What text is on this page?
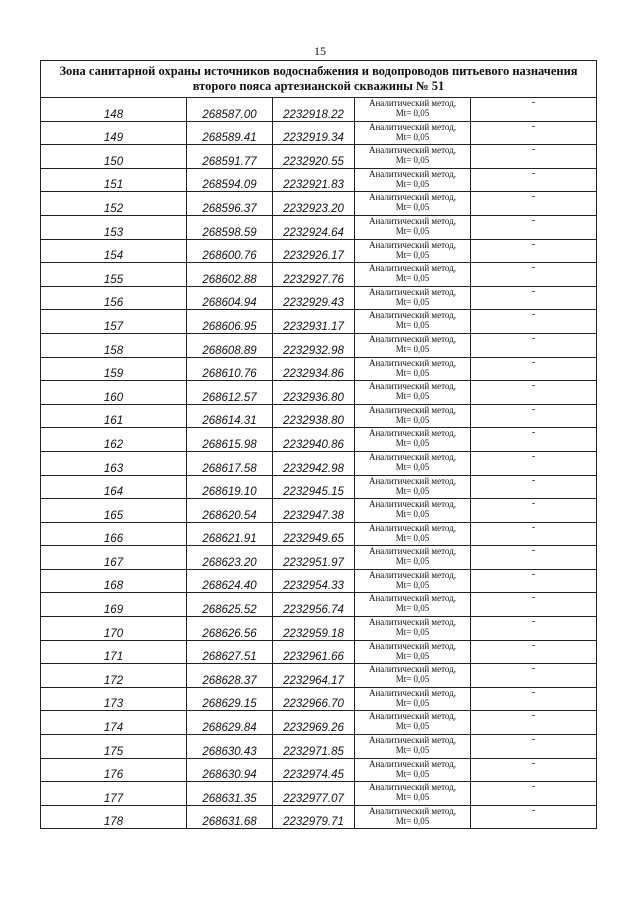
15
Зона санитарной охраны источников водоснабжения и водопроводов питьевого назначения второго пояса артезианской скважины № 51				
148	268587.00	2232918.22	Аналитический метод,
Mt= 0,05	-
149	268589.41	2232919.34	Аналитический метод,
Mt= 0,05	-
150	268591.77	2232920.55	Аналитический метод,
Mt= 0,05	-
151	268594.09	2232921.83	Аналитический метод,
Mt= 0,05	-
152	268596.37	2232923.20	Аналитический метод,
Mt= 0,05	-
153	268598.59	2232924.64	Аналитический метод,
Mt= 0,05	-
154	268600.76	2232926.17	Аналитический метод,
Mt= 0,05	-
155	268602.88	2232927.76	Аналитический метод,
Mt= 0,05	-
156	268604.94	2232929.43	Аналитический метод,
Mt= 0,05	-
157	268606.95	2232931.17	Аналитический метод,
Mt= 0,05	-
158	268608.89	2232932.98	Аналитический метод,
Mt= 0,05	-
159	268610.76	2232934.86	Аналитический метод,
Mt= 0,05	-
160	268612.57	2232936.80	Аналитический метод,
Mt= 0,05	-
161	268614.31	2232938.80	Аналитический метод,
Mt= 0,05	-
162	268615.98	2232940.86	Аналитический метод,
Mt= 0,05	-
163	268617.58	2232942.98	Аналитический метод,
Mt= 0,05	-
164	268619.10	2232945.15	Аналитический метод,
Mt= 0,05	-
165	268620.54	2232947.38	Аналитический метод,
Mt= 0,05	-
166	268621.91	2232949.65	Аналитический метод,
Mt= 0,05	-
167	268623.20	2232951.97	Аналитический метод,
Mt= 0,05	-
168	268624.40	2232954.33	Аналитический метод,
Mt= 0,05	-
169	268625.52	2232956.74	Аналитический метод,
Mt= 0,05	-
170	268626.56	2232959.18	Аналитический метод,
Mt= 0,05	-
171	268627.51	2232961.66	Аналитический метод,
Mt= 0,05	-
172	268628.37	2232964.17	Аналитический метод,
Mt= 0,05	-
173	268629.15	2232966.70	Аналитический метод,
Mt= 0,05	-
174	268629.84	2232969.26	Аналитический метод,
Mt= 0,05	-
175	268630.43	2232971.85	Аналитический метод,
Mt= 0,05	-
176	268630.94	2232974.45	Аналитический метод,
Mt= 0,05	-
177	268631.35	2232977.07	Аналитический метод,
Mt= 0,05	-
178	268631.68	2232979.71	Аналитический метод,
Mt= 0,05	-
